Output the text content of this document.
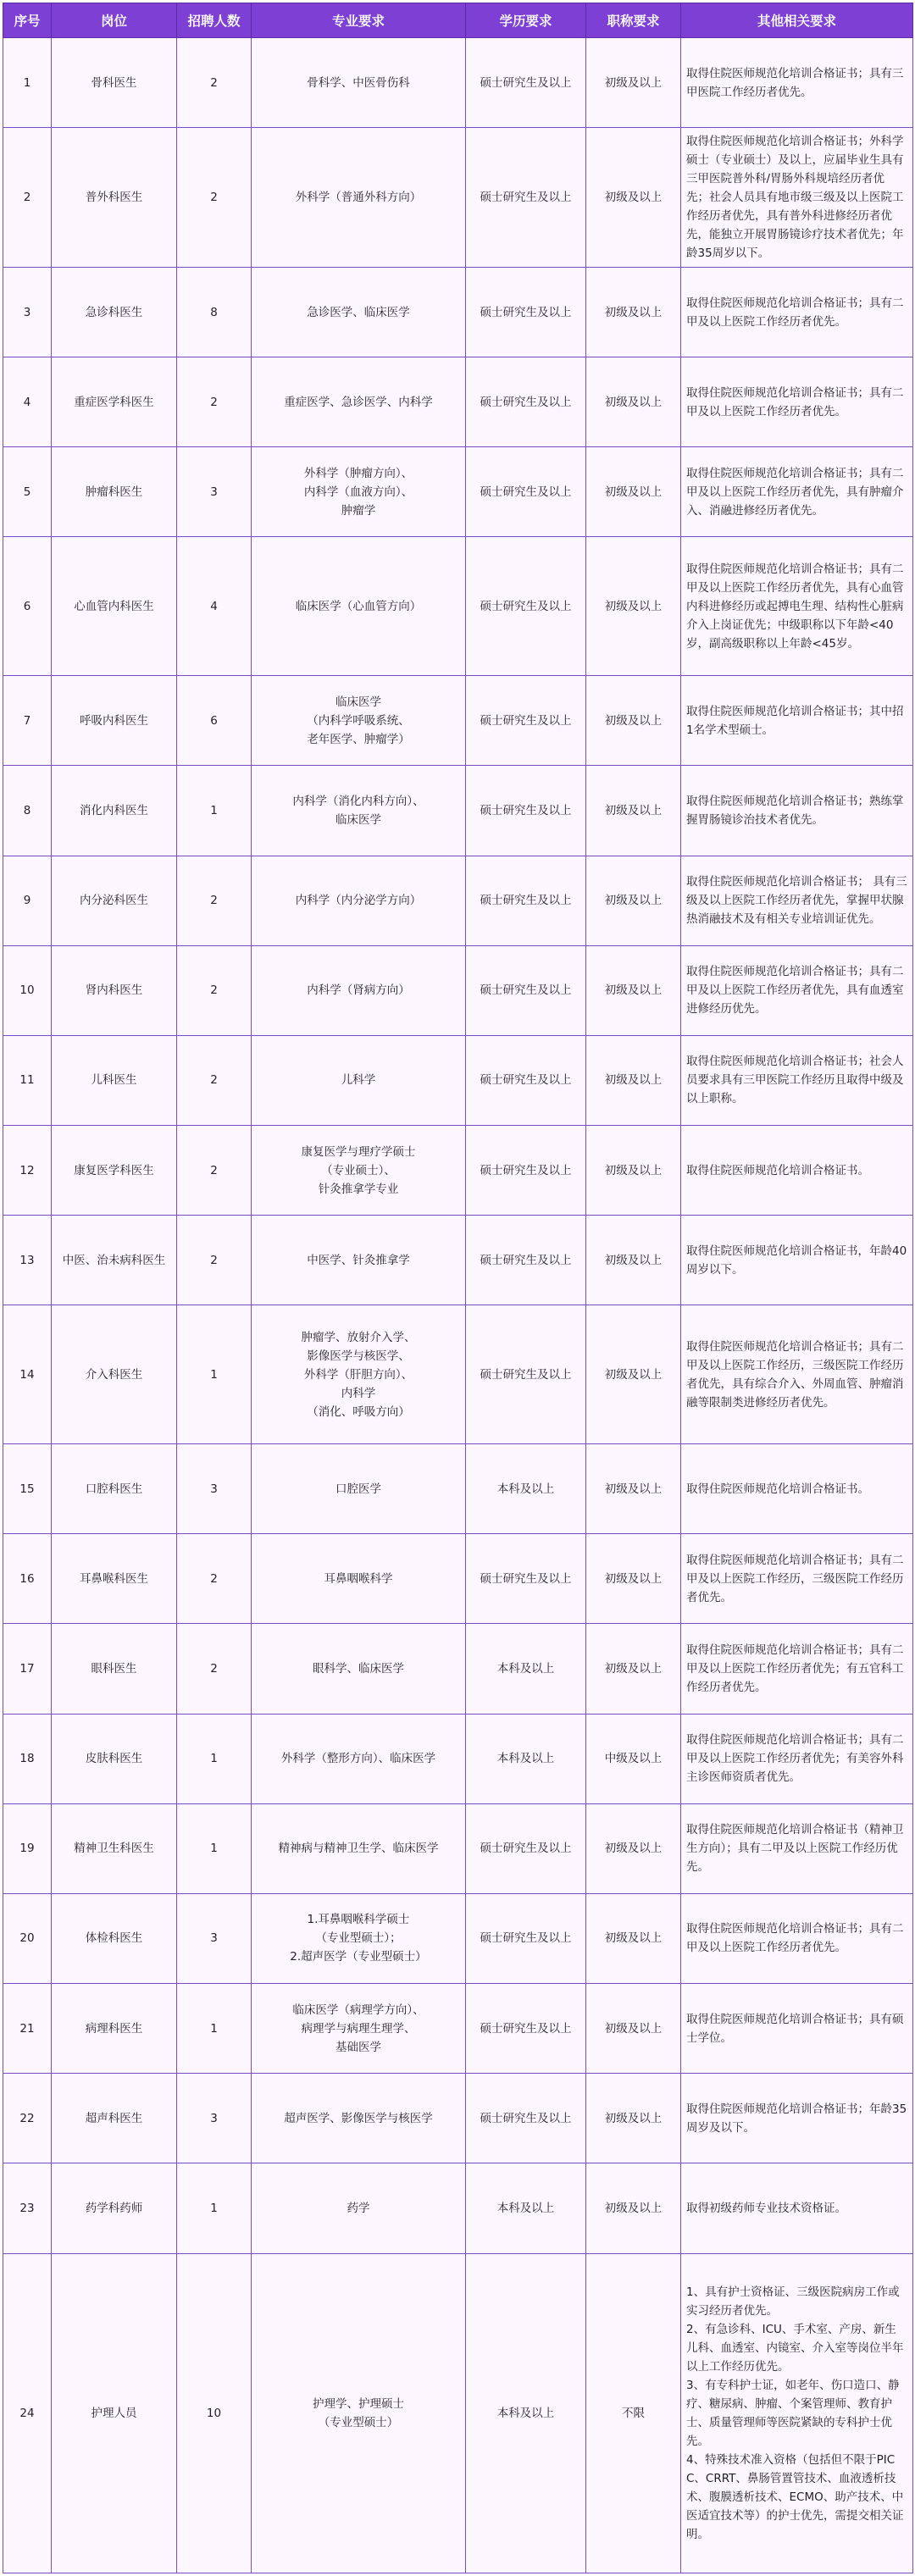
序号	岗位	招聘人数	专业要求	学历要求	职称要求	其他相关要求
1	骨科医生	2	骨科学、中医骨伤科	硕士研究生及以上	初级及以上	取得住院医师规范化培训合格证书；具有三甲医院工作经历者优先。
2	普外科医生	2	外科学（普通外科方向）	硕士研究生及以上	初级及以上	取得住院医师规范化培训合格证书；外科学硕士（专业硕士）及以上，应届毕业生具有三甲医院普外科/胃肠外科规培经历者优先；社会人员具有地市级三级及以上医院工作经历者优先，具有普外科进修经历者优先，能独立开展胃肠镜诊疗技术者优先；年龄35周岁以下。
3	急诊科医生	8	急诊医学、临床医学	硕士研究生及以上	初级及以上	取得住院医师规范化培训合格证书；具有二甲及以上医院工作经历者优先。
4	重症医学科医生	2	重症医学、急诊医学、内科学	硕士研究生及以上	初级及以上	取得住院医师规范化培训合格证书；具有二甲及以上医院工作经历者优先。
5	肿瘤科医生	3	外科学（肿瘤方向）、
内科学（血液方向）、
肿瘤学	硕士研究生及以上	初级及以上	取得住院医师规范化培训合格证书；具有二甲及以上医院工作经历者优先，具有肿瘤介入、消融进修经历者优先。
6	心血管内科医生	4	临床医学（心血管方向）	硕士研究生及以上	初级及以上	取得住院医师规范化培训合格证书；具有二甲及以上医院工作经历者优先，具有心血管内科进修经历或起搏电生理、结构性心脏病介入上岗证优先；中级职称以下年龄<40岁，副高级职称以上年龄<45岁。
7	呼吸内科医生	6	临床医学
（内科学呼吸系统、
老年医学、肿瘤学）	硕士研究生及以上	初级及以上	取得住院医师规范化培训合格证书；其中招1名学术型硕士。
8	消化内科医生	1	内科学（消化内科方向）、
临床医学	硕士研究生及以上	初级及以上	取得住院医师规范化培训合格证书；熟练掌握胃肠镜诊治技术者优先。
9	内分泌科医生	2	内科学（内分泌学方向）	硕士研究生及以上	初级及以上	取得住院医师规范化培训合格证书； 具有三级及以上医院工作经历者优先，掌握甲状腺热消融技术及有相关专业培训证优先。
10	肾内科医生	2	内科学（肾病方向）	硕士研究生及以上	初级及以上	取得住院医师规范化培训合格证书；具有二甲及以上医院工作经历者优先，具有血透室进修经历优先。
11	儿科医生	2	儿科学	硕士研究生及以上	初级及以上	取得住院医师规范化培训合格证书；社会人员要求具有三甲医院工作经历且取得中级及以上职称。
12	康复医学科医生	2	康复医学与理疗学硕士
（专业硕士）、
针灸推拿学专业	硕士研究生及以上	初级及以上	取得住院医师规范化培训合格证书。
13	中医、治未病科医生	2	中医学、针灸推拿学	硕士研究生及以上	初级及以上	取得住院医师规范化培训合格证书，年龄40周岁以下。
14	介入科医生	1	肿瘤学、放射介入学、
影像医学与核医学、
外科学（肝胆方向）、
内科学
（消化、呼吸方向）	硕士研究生及以上	初级及以上	取得住院医师规范化培训合格证书；具有二甲及以上医院工作经历，三级医院工作经历者优先，具有综合介入、外周血管、肿瘤消融等限制类进修经历者优先。
15	口腔科医生	3	口腔医学	本科及以上	初级及以上	取得住院医师规范化培训合格证书。
16	耳鼻喉科医生	2	耳鼻咽喉科学	硕士研究生及以上	初级及以上	取得住院医师规范化培训合格证书；具有二甲及以上医院工作经历，三级医院工作经历者优先。
17	眼科医生	2	眼科学、临床医学	本科及以上	初级及以上	取得住院医师规范化培训合格证书；具有二甲及以上医院工作经历者优先；有五官科工作经历者优先。
18	皮肤科医生	1	外科学（整形方向）、临床医学	本科及以上	中级及以上	取得住院医师规范化培训合格证书；具有二甲及以上医院工作经历者优先；有美容外科主诊医师资质者优先。
19	精神卫生科医生	1	精神病与精神卫生学、临床医学	硕士研究生及以上	初级及以上	取得住院医师规范化培训合格证书（精神卫生方向）；具有二甲及以上医院工作经历优先。
20	体检科医生	3	1.耳鼻咽喉科学硕士
（专业型硕士）；
2.超声医学（专业型硕士）	硕士研究生及以上	初级及以上	取得住院医师规范化培训合格证书；具有二甲及以上医院工作经历者优先。
21	病理科医生	1	临床医学（病理学方向）、
病理学与病理生理学、
基础医学	硕士研究生及以上	初级及以上	取得住院医师规范化培训合格证书；具有硕士学位。
22	超声科医生	3	超声医学、影像医学与核医学	硕士研究生及以上	初级及以上	取得住院医师规范化培训合格证书；年龄35周岁及以下。
23	药学科药师	1	药学	本科及以上	初级及以上	取得初级药师专业技术资格证。
24	护理人员	10	护理学、护理硕士
（专业型硕士）	本科及以上	不限	1、具有护士资格证、三级医院病房工作或实习经历者优先。
2、有急诊科、ICU、手术室、产房、新生儿科、血透室、内镜室、介入室等岗位半年以上工作经历优先。
3、有专科护士证，如老年、伤口造口、静疗、糖尿病、肿瘤、个案管理师、教育护士、质量管理师等医院紧缺的专科护士优先。
4、特殊技术准入资格（包括但不限于PICC、CRRT、鼻肠管置管技术、血液透析技术、腹膜透析技术、ECMO、助产技术、中医适宜技术等）的护士优先，需提交相关证明。
